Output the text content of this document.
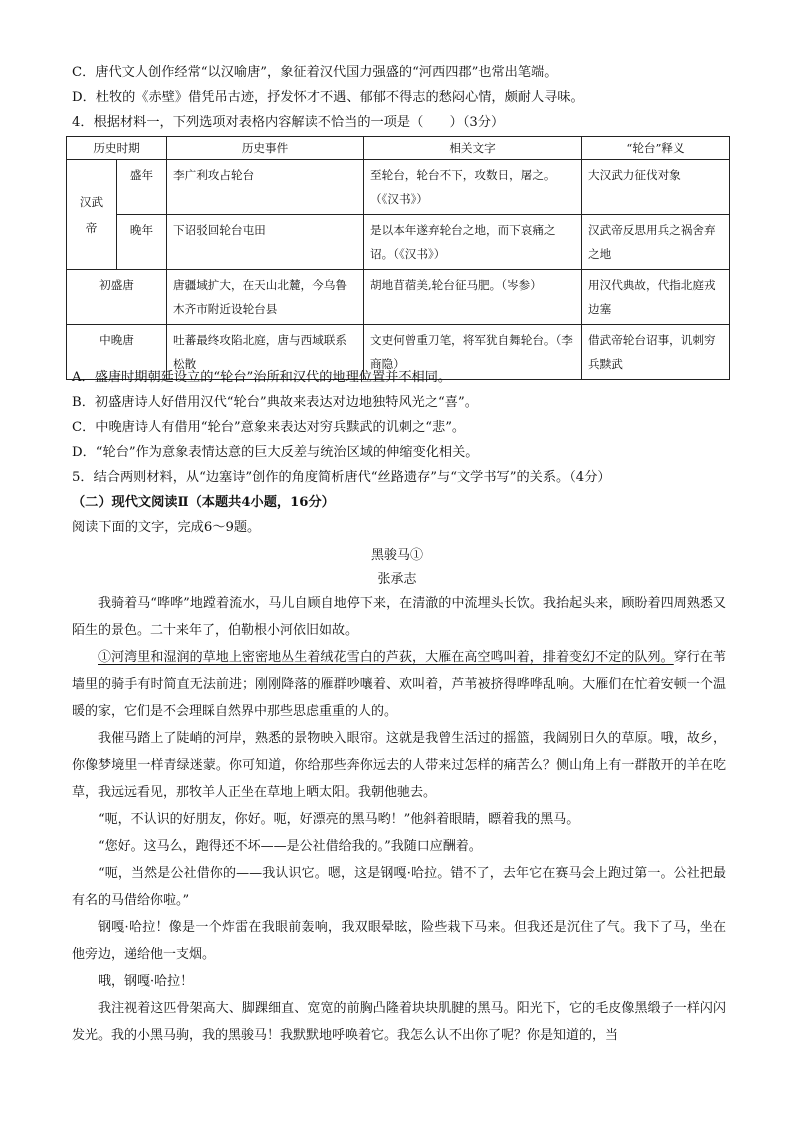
C．唐代文人创作经常“以汉喻唐”，象征着汉代国力强盛的“河西四郡”也常出笔端。
D．杜牧的《赤壁》借凭吊古迹，抒发怀才不遇、郁郁不得志的愁闷心情，颇耐人寻味。
4．根据材料一，下列选项对表格内容解读不恰当的一项是（　　）（3分）
历史时期		历史事件	相关文字	“轮台”释义
汉武帝	盛年	李广利攻占轮台	至轮台，轮台不下，攻数日，屠之。（《汉书》）	大汉武力征伐对象
	晚年	下诏驳回轮台屯田	是以本年遂弃轮台之地，而下哀痛之诏。（《汉书》）	汉武帝反思用兵之祸舍弃之地
初盛唐		唐疆域扩大，在天山北麓，今乌鲁木齐市附近设轮台县	胡地苜蓿美,轮台征马肥。（岑参）	用汉代典故，代指北庭戎边塞
中晚唐		吐蕃最终攻陷北庭，唐与西域联系松散	文吏何曾重刀笔，将军犹自舞轮台。（李商隐）	借武帝轮台诏事，讥刺穷兵黩武
A．盛唐时期朝廷设立的“轮台”治所和汉代的地理位置并不相同。
B．初盛唐诗人好借用汉代“轮台”典故来表达对边地独特风光之“喜”。
C．中晚唐诗人有借用“轮台”意象来表达对穷兵黩武的讥刺之“悲”。
D．“轮台”作为意象表情达意的巨大反差与统治区域的伸缩变化相关。
5．结合两则材料，从“边塞诗”创作的角度简析唐代“丝路遗存”与“文学书写”的关系。（4分）
（二）现代文阅读Ⅱ（本题共4小题，16分）
阅读下面的文字，完成6～9题。
黑骏马①
张承志

我骑着马“哗哗”地蹚着流水，马儿自顾自地停下来，在清澈的中流埋头长饮。我抬起头来，顾盼着四周熟悉又陌生的景色。二十来年了，伯勒根小河依旧如故。

①河湾里和湿润的草地上密密地丛生着绒花雪白的芦荻，大雁在高空鸣叫着，排着变幻不定的队列。穿行在苇墙里的骑手有时简直无法前进；刚刚降落的雁群吵嚷着、欢叫着，芦苇被挤得哗哗乱响。大雁们在忙着安顿一个温暖的家，它们是不会理睬自然界中那些思虑重重的人的。

我催马踏上了陡峭的河岸，熟悉的景物映入眼帘。这就是我曾生活过的摇篮，我阔别日久的草原。哦，故乡，你像梦境里一样青绿迷蒙。你可知道，你给那些奔你远去的人带来过怎样的痛苦么？侧山角上有一群散开的羊在吃草，我远远看见，那牧羊人正坐在草地上晒太阳。我朝他驰去。

“呃，不认识的好朋友，你好。呃，好漂亮的黑马哟！”他斜着眼睛，瞟着我的黑马。

“您好。这马么，跑得还不坏——是公社借给我的。”我随口应酬着。

“呃，当然是公社借你的——我认识它。嗯，这是钢嘎·哈拉。错不了，去年它在赛马会上跑过第一。公社把最有名的马借给你啦。”

钢嘎·哈拉！像是一个炸雷在我眼前轰响，我双眼晕眩，险些栽下马来。但我还是沉住了气。我下了马，坐在他旁边，递给他一支烟。

哦，钢嘎·哈拉！

我注视着这匹骨架高大、脚踝细直、宽宽的前胸凸隆着块块肌腱的黑马。阳光下，它的毛皮像黑缎子一样闪闪发光。我的小黑马驹，我的黑骏马！我默默地呼唤着它。我怎么认不出你了呢？你是知道的，当
